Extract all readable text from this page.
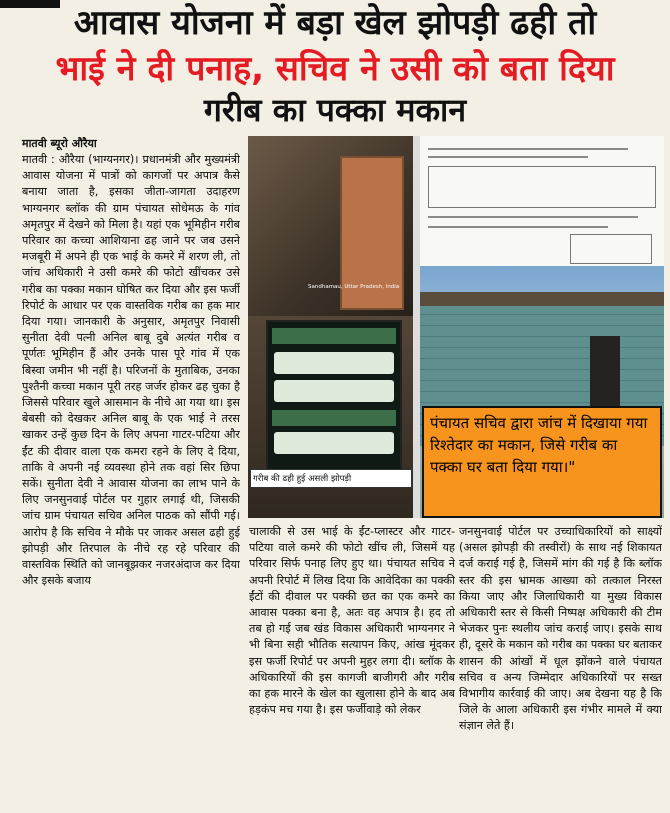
आवास योजना में बड़ा खेल झोपड़ी ढही तो
भाई ने दी पनाह, सचिव ने उसी को बता दिया
गरीब का पक्का मकान
मातवी ब्यूरो औरैया
मातवी : औरैया (भाग्यनगर)। प्रधानमंत्री और मुख्यमंत्री आवास योजना में पात्रों को कागजों पर अपात्र कैसे बनाया जाता है, इसका जीता-जागता उदाहरण भाग्यनगर ब्लॉक की ग्राम पंचायत सोधेमऊ के गांव अमृतपुर में देखने को मिला है। यहां एक भूमिहीन गरीब परिवार का कच्चा आशियाना ढह जाने पर जब उसने मजबूरी में अपने ही एक भाई के कमरे में शरण ली, तो जांच अधिकारी ने उसी कमरे की फोटो खींचकर उसे गरीब का पक्का मकान घोषित कर दिया और इस फर्जी रिपोर्ट के आधार पर एक वास्तविक गरीब का हक मार दिया गया। जानकारी के अनुसार, अमृतपुर निवासी सुनीता देवी पत्नी अनिल बाबू दुबे अत्यंत गरीब व पूर्णतः भूमिहीन हैं और उनके पास पूरे गांव में एक बिस्वा जमीन भी नहीं है। परिजनों के मुताबिक, उनका पुश्तैनी कच्चा मकान पूरी तरह जर्जर होकर ढह चुका है जिससे परिवार खुले आसमान के नीचे आ गया था। इस बेबसी को देखकर अनिल बाबू के एक भाई ने तरस खाकर उन्हें कुछ दिन के लिए अपना गाटर-पटिया और ईंट की दीवार वाला एक कमरा रहने के लिए दे दिया, ताकि वे अपनी नई व्यवस्था होने तक वहां सिर छिपा सकें। सुनीता देवी ने आवास योजना का लाभ पाने के लिए जनसुनवाई पोर्टल पर गुहार लगाई थी, जिसकी जांच ग्राम पंचायत सचिव अनिल पाठक को सौंपी गई। आरोप है कि सचिव ने मौके पर जाकर असल ढही हुई झोपड़ी और तिरपाल के नीचे रह रहे परिवार की वास्तविक स्थिति को जानबूझकर नजरअंदाज कर दिया और इसके बजाय
Sandhamau, Uttar Pradesh, India
गरीब की ढही हुई असली झोपड़ी
पंचायत सचिव द्वारा जांच में दिखाया गया रिश्तेदार का मकान, जिसे गरीब का पक्का घर बता दिया गया।"
चालाकी से उस भाई के ईंट-प्लास्टर और गाटर-पटिया वाले कमरे की फोटो खींच ली, जिसमें यह परिवार सिर्फ पनाह लिए हुए था। पंचायत सचिव ने अपनी रिपोर्ट में लिख दिया कि आवेदिका का पक्की ईंटों की दीवाल पर पक्की छत का एक कमरे का आवास पक्का बना है, अतः वह अपात्र है। हद तो तब हो गई जब खंड विकास अधिकारी भाग्यनगर ने भी बिना सही भौतिक सत्यापन किए, आंख मूंदकर इस फर्जी रिपोर्ट पर अपनी मुहर लगा दी। ब्लॉक के अधिकारियों की इस कागजी बाजीगरी और गरीब का हक मारने के खेल का खुलासा होने के बाद अब हड़कंप मच गया है। इस फर्जीवाड़े को लेकर
जनसुनवाई पोर्टल पर उच्चाधिकारियों को साक्ष्यों (असल झोपड़ी की तस्वीरों) के साथ नई शिकायत दर्ज कराई गई है, जिसमें मांग की गई है कि ब्लॉक स्तर की इस भ्रामक आख्या को तत्काल निरस्त किया जाए और जिलाधिकारी या मुख्य विकास अधिकारी स्तर से किसी निष्पक्ष अधिकारी की टीम भेजकर पुनः स्थलीय जांच कराई जाए। इसके साथ ही, दूसरे के मकान को गरीब का पक्का घर बताकर शासन की आंखों में धूल झोंकने वाले पंचायत सचिव व अन्य जिम्मेदार अधिकारियों पर सख्त विभागीय कार्रवाई की जाए। अब देखना यह है कि जिले के आला अधिकारी इस गंभीर मामले में क्या संज्ञान लेते हैं।
